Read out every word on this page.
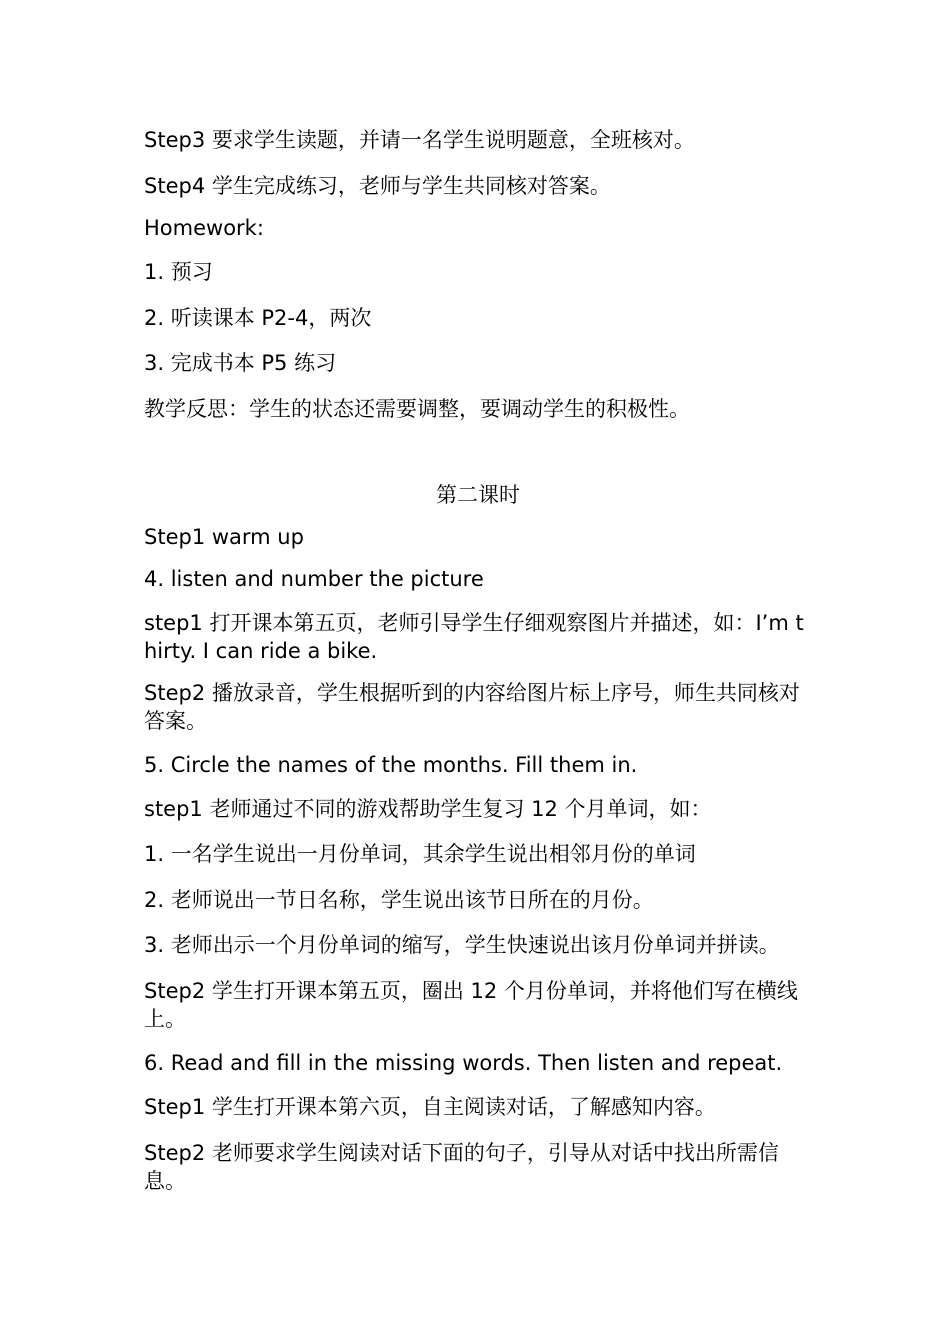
Step3 要求学生读题，并请一名学生说明题意，全班核对。

Step4 学生完成练习，老师与学生共同核对答案。

Homework:

1. 预习

2. 听读课本 P2-4，两次

3. 完成书本 P5 练习

教学反思：学生的状态还需要调整，要调动学生的积极性。

第二课时

Step1 warm up

4. listen and number the picture

step1 打开课本第五页，老师引导学生仔细观察图片并描述，如：I’m thirty. I can ride a bike.

Step2 播放录音，学生根据听到的内容给图片标上序号，师生共同核对答案。

5. Circle the names of the months. Fill them in.

step1 老师通过不同的游戏帮助学生复习 12 个月单词，如：

1. 一名学生说出一月份单词，其余学生说出相邻月份的单词

2. 老师说出一节日名称，学生说出该节日所在的月份。

3. 老师出示一个月份单词的缩写，学生快速说出该月份单词并拼读。

Step2 学生打开课本第五页，圈出 12 个月份单词，并将他们写在横线上。

6. Read and fill in the missing words. Then listen and repeat.

Step1 学生打开课本第六页，自主阅读对话，了解感知内容。

Step2 老师要求学生阅读对话下面的句子，引导从对话中找出所需信息。
